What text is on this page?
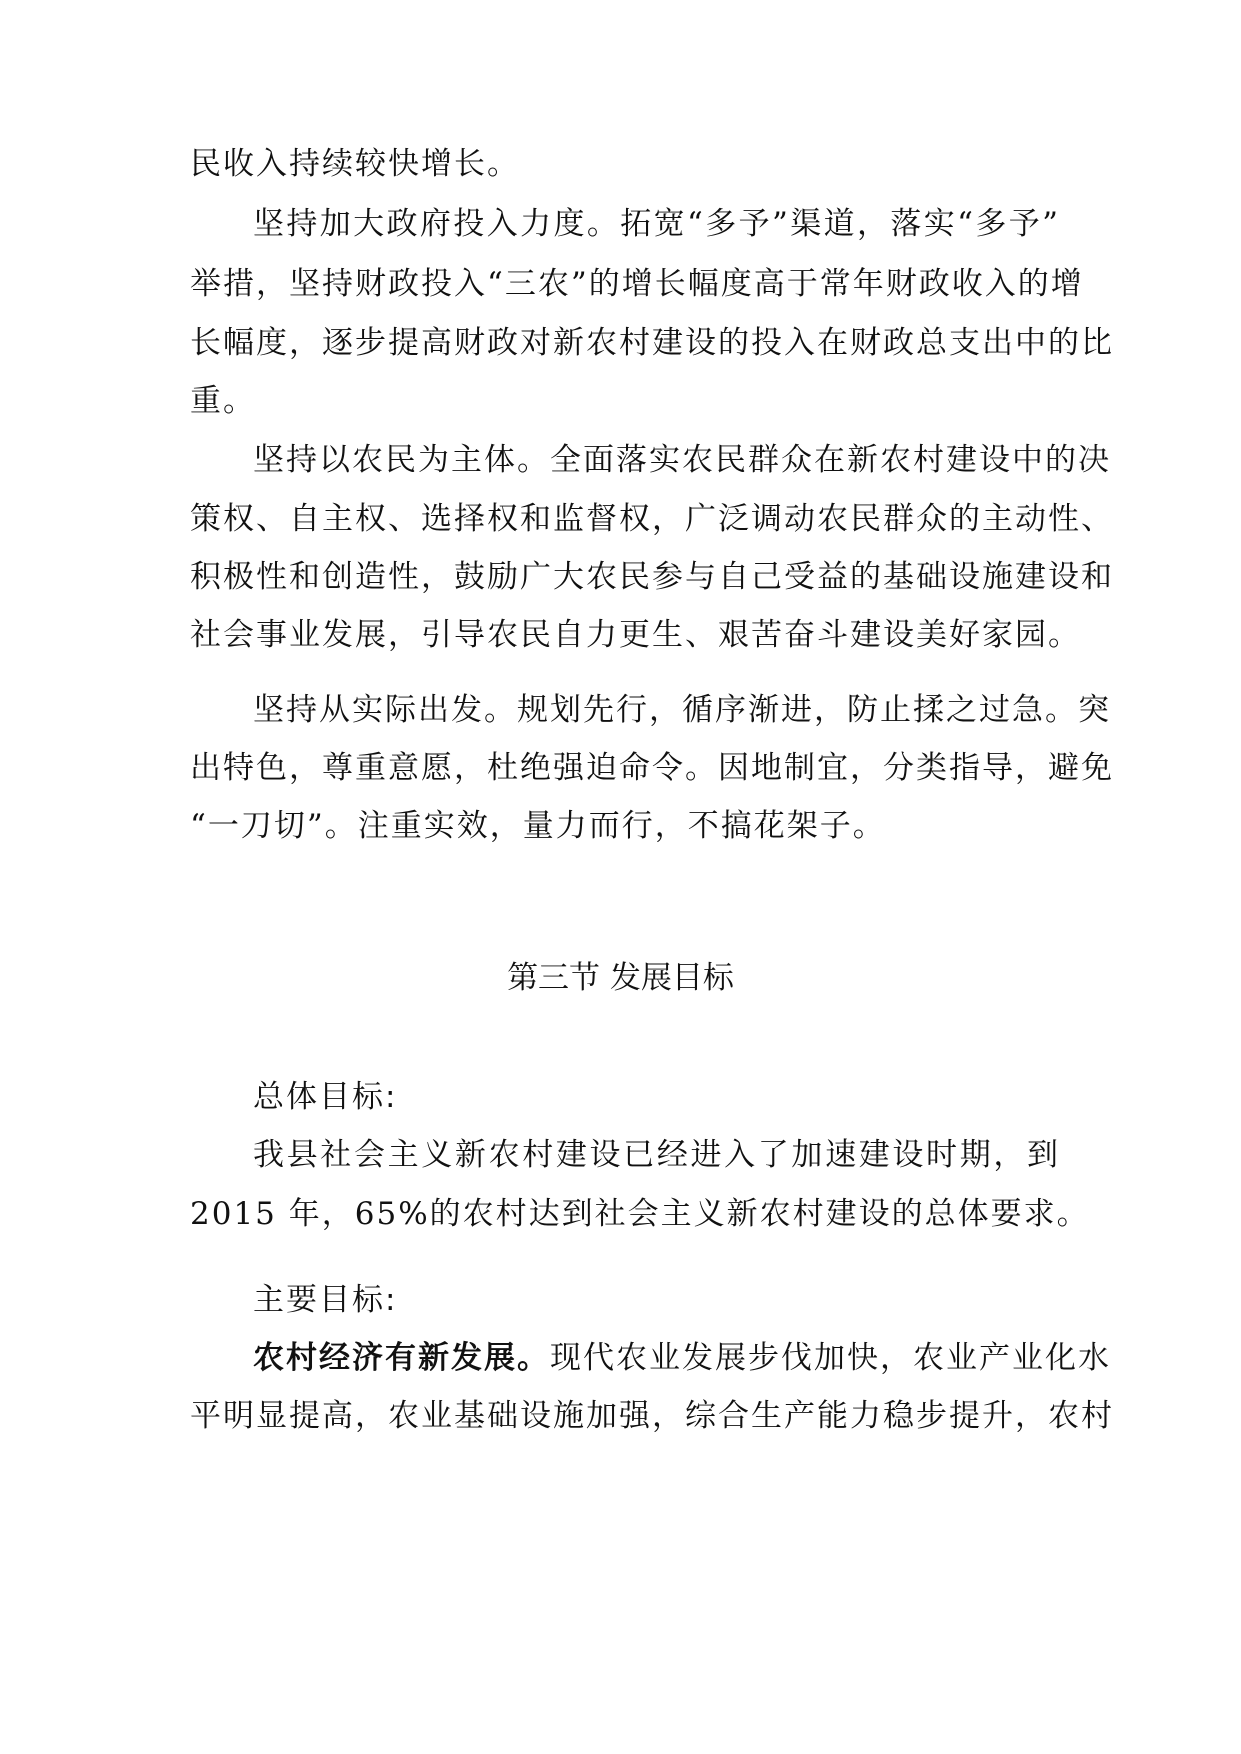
民收入持续较快增长。
坚持加大政府投入力度。拓宽“多予”渠道，落实“多予”
举措，坚持财政投入“三农”的增长幅度高于常年财政收入的增
长幅度，逐步提高财政对新农村建设的投入在财政总支出中的比
重。
坚持以农民为主体。全面落实农民群众在新农村建设中的决
策权、自主权、选择权和监督权，广泛调动农民群众的主动性、
积极性和创造性，鼓励广大农民参与自己受益的基础设施建设和
社会事业发展，引导农民自力更生、艰苦奋斗建设美好家园。
坚持从实际出发。规划先行，循序渐进，防止揉之过急。突
出特色，尊重意愿，杜绝强迫命令。因地制宜，分类指导，避免
“一刀切”。注重实效，量力而行，不搞花架子。
第三节 发展目标
总体目标:
我县社会主义新农村建设已经进入了加速建设时期，到
2015 年，65%的农村达到社会主义新农村建设的总体要求。
主要目标:
农村经济有新发展。现代农业发展步伐加快，农业产业化水
平明显提高，农业基础设施加强，综合生产能力稳步提升，农村
